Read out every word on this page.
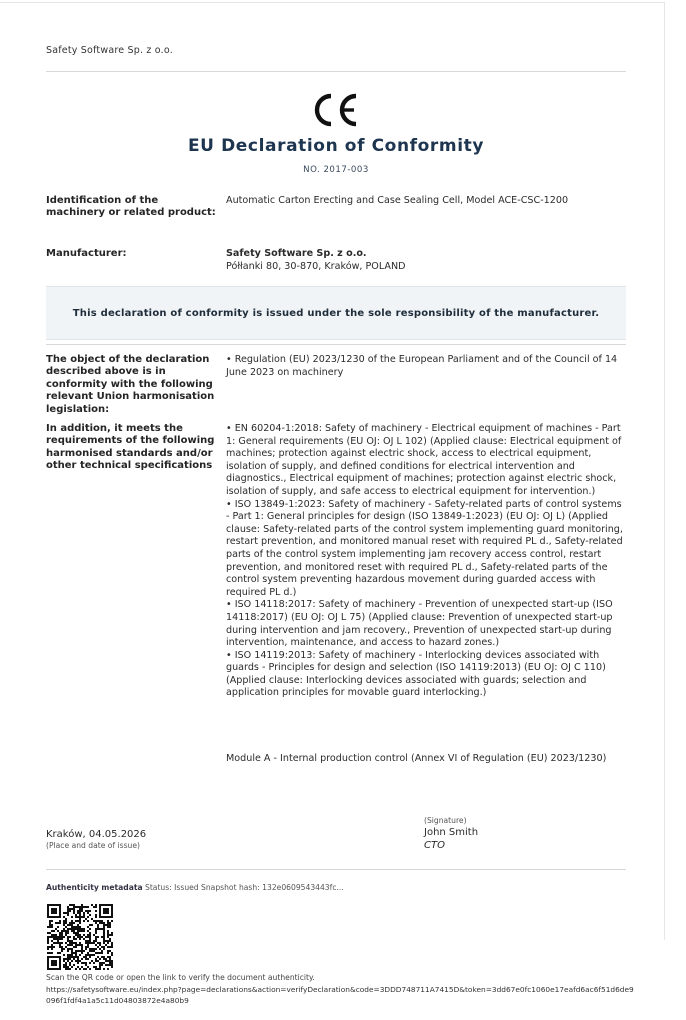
Safety Software Sp. z o.o.
EU Declaration of Conformity
NO. 2017-003
Identification of the machinery or related product:
Automatic Carton Erecting and Case Sealing Cell, Model ACE-CSC-1200
Manufacturer:	Safety Software Sp. z o.o.
Półłanki 80, 30-870, Kraków, POLAND
This declaration of conformity is issued under the sole responsibility of the manufacturer.
The object of the declaration described above is in conformity with the following relevant Union harmonisation legislation:
• Regulation (EU) 2023/1230 of the European Parliament and of the Council of 14 June 2023 on machinery
In addition, it meets the requirements of the following harmonised standards and/or other technical specifications
• EN 60204-1:2018: Safety of machinery - Electrical equipment of machines - Part 1: General requirements (EU OJ: OJ L 102) (Applied clause: Electrical equipment of machines; protection against electric shock, access to electrical equipment, isolation of supply, and defined conditions for electrical intervention and diagnostics., Electrical equipment of machines; protection against electric shock, isolation of supply, and safe access to electrical equipment for intervention.)
• ISO 13849-1:2023: Safety of machinery - Safety-related parts of control systems - Part 1: General principles for design (ISO 13849-1:2023) (EU OJ: OJ L) (Applied clause: Safety-related parts of the control system implementing guard monitoring, restart prevention, and monitored manual reset with required PL d., Safety-related parts of the control system implementing jam recovery access control, restart prevention, and monitored reset with required PL d., Safety-related parts of the control system preventing hazardous movement during guarded access with required PL d.)
• ISO 14118:2017: Safety of machinery - Prevention of unexpected start-up (ISO 14118:2017) (EU OJ: OJ L 75) (Applied clause: Prevention of unexpected start-up during intervention and jam recovery., Prevention of unexpected start-up during intervention, maintenance, and access to hazard zones.)
• ISO 14119:2013: Safety of machinery - Interlocking devices associated with guards - Principles for design and selection (ISO 14119:2013) (EU OJ: OJ C 110) (Applied clause: Interlocking devices associated with guards; selection and application principles for movable guard interlocking.)
Module A - Internal production control (Annex VI of Regulation (EU) 2023/1230)
Kraków, 04.05.2026
(Place and date of issue)
(Signature)
John Smith
CTO
Authenticity metadata Status: Issued Snapshot hash: 132e0609543443fc...
Scan the QR code or open the link to verify the document authenticity.
https://safetysoftware.eu/index.php?page=declarations&action=verifyDeclaration&code=3DDD748711A7415D&token=3dd67e0fc1060e17eafd6ac6f51d6de9096f1fdf4a1a5c11d04803872e4a80b9
